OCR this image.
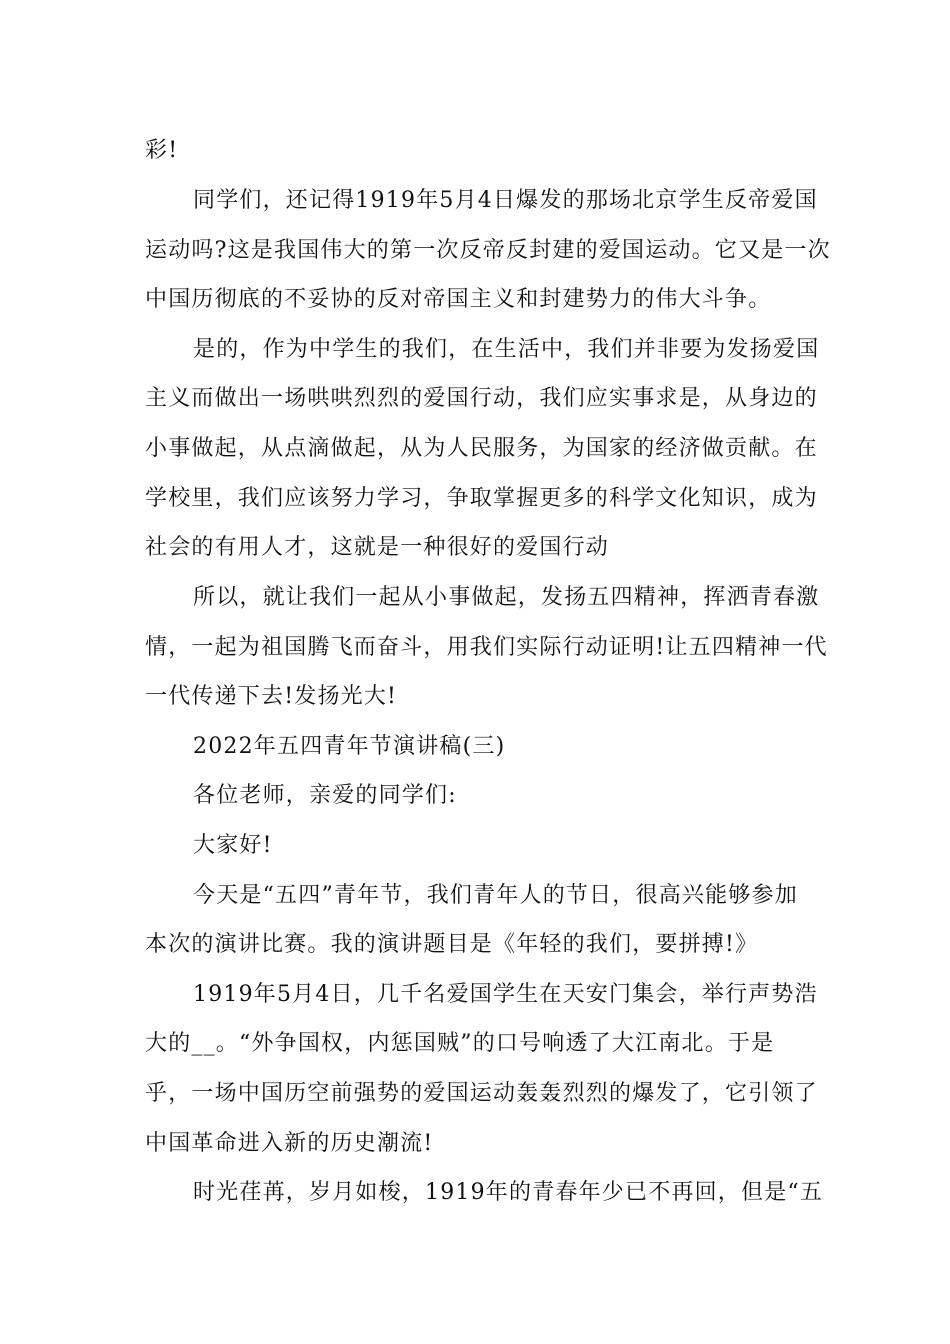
彩!
同学们，还记得1919年5月4日爆发的那场北京学生反帝爱国
运动吗?这是我国伟大的第一次反帝反封建的爱国运动。它又是一次
中国历彻底的不妥协的反对帝国主义和封建势力的伟大斗争。
是的，作为中学生的我们，在生活中，我们并非要为发扬爱国
主义而做出一场哄哄烈烈的爱国行动，我们应实事求是，从身边的
小事做起，从点滴做起，从为人民服务，为国家的经济做贡献。在
学校里，我们应该努力学习，争取掌握更多的科学文化知识，成为
社会的有用人才，这就是一种很好的爱国行动
所以，就让我们一起从小事做起，发扬五四精神，挥洒青春激
情，一起为祖国腾飞而奋斗，用我们实际行动证明!让五四精神一代
一代传递下去!发扬光大!
2022年五四青年节演讲稿(三)
各位老师，亲爱的同学们:
大家好!
今天是“五四”青年节，我们青年人的节日，很高兴能够参加
本次的演讲比赛。我的演讲题目是《年轻的我们，要拼搏!》
1919年5月4日，几千名爱国学生在天安门集会，举行声势浩
大的__。“外争国权，内惩国贼”的口号响透了大江南北。于是
乎，一场中国历空前强势的爱国运动轰轰烈烈的爆发了，它引领了
中国革命进入新的历史潮流!
时光荏苒，岁月如梭，1919年的青春年少已不再回，但是“五
